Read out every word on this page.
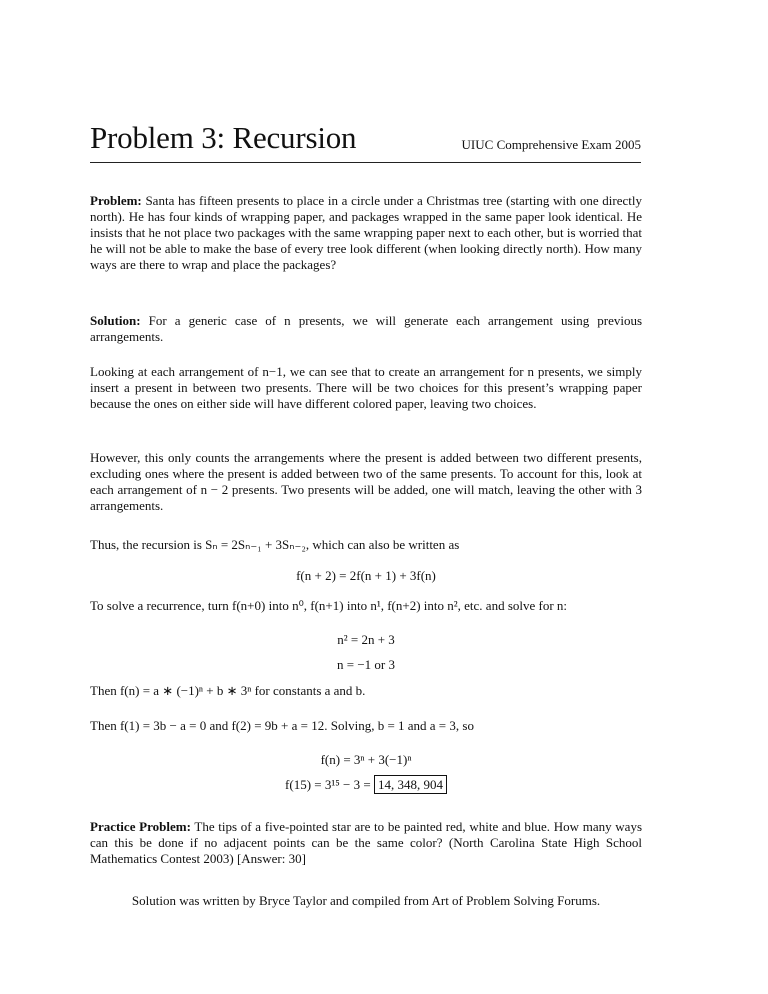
Problem 3: Recursion	UIUC Comprehensive Exam 2005

Problem: Santa has fifteen presents to place in a circle under a Christmas tree (starting with one directly north). He has four kinds of wrapping paper, and packages wrapped in the same paper look identical. He insists that he not place two packages with the same wrapping paper next to each other, but is worried that he will not be able to make the base of every tree look different (when looking directly north). How many ways are there to wrap and place the packages?

Solution: For a generic case of n presents, we will generate each arrangement using previous arrangements.

Looking at each arrangement of n−1, we can see that to create an arrangement for n presents, we simply insert a present in between two presents. There will be two choices for this present’s wrapping paper because the ones on either side will have different colored paper, leaving two choices.

However, this only counts the arrangements where the present is added between two different presents, excluding ones where the present is added between two of the same presents. To account for this, look at each arrangement of n − 2 presents. Two presents will be added, one will match, leaving the other with 3 arrangements.

Thus, the recursion is Sₙ = 2Sₙ₋₁ + 3Sₙ₋₂, which can also be written as

f(n + 2) = 2f(n + 1) + 3f(n)

To solve a recurrence, turn f(n+0) into n⁰, f(n+1) into n¹, f(n+2) into n², etc. and solve for n:

n² = 2n + 3
n = −1 or 3

Then f(n) = a ∗ (−1)ⁿ + b ∗ 3ⁿ for constants a and b.

Then f(1) = 3b − a = 0 and f(2) = 9b + a = 12. Solving, b = 1 and a = 3, so

f(n) = 3ⁿ + 3(−1)ⁿ
f(15) = 3¹⁵ − 3 = 14, 348, 904

Practice Problem: The tips of a five-pointed star are to be painted red, white and blue. How many ways can this be done if no adjacent points can be the same color? (North Carolina State High School Mathematics Contest 2003) [Answer: 30]

Solution was written by Bryce Taylor and compiled from Art of Problem Solving Forums.
